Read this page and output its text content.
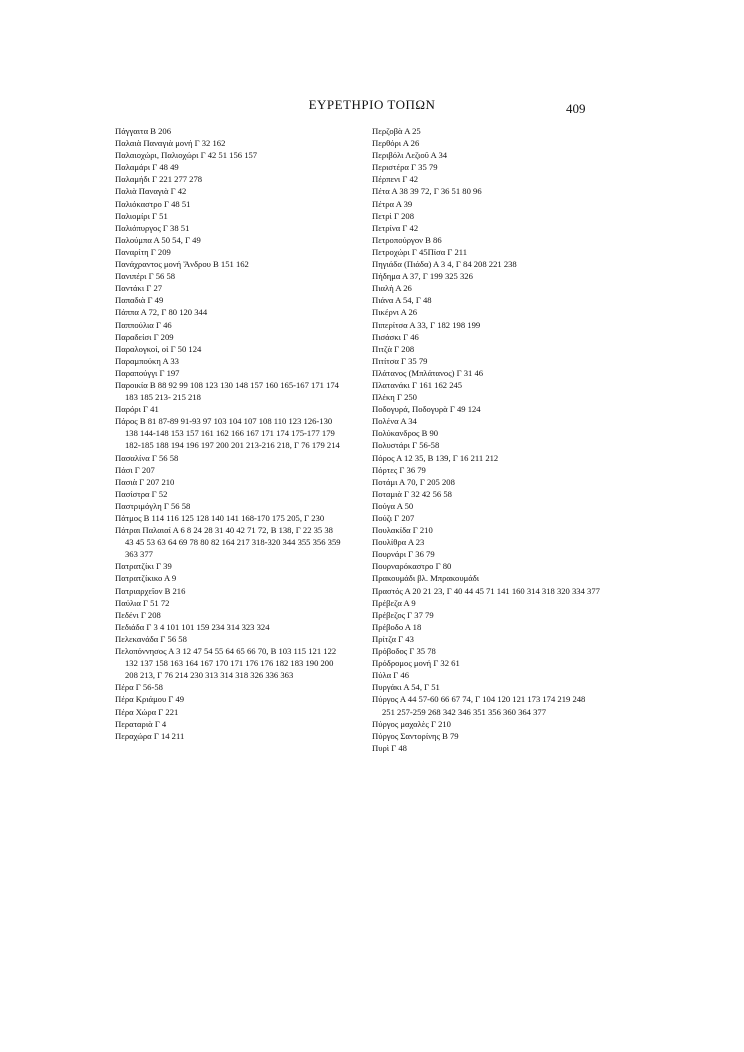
ΕΥΡΕΤΗΡΙΟ ΤΟΠΩΝ	409

Πάγγαιτα Β 206

Παλαιὰ Παναγιὰ μονή Γ 32 162

Παλαιοχώρι, Παλιοχώρι Γ 42 51 156 157

Παλαμάρι Γ 48 49

Παλαμήδι Γ 221 277 278

Παλιὰ Παναγιὰ Γ 42

Παλιόκαστρο Γ 48 51

Παλιομίρι Γ 51

Παλιόπυργος Γ 38 51

Παλούμπα Α 50 54, Γ 49

Παναρίτη Γ 209

Πανάχραντος μονή Ἄνδρου Β 151 162

Πανιπέρι Γ 56 58

Παντάκι Γ 27

Παπαδιὰ Γ 49

Πάππα Α 72, Γ 80 120 344

Παππούλια Γ 46

Παραδείσι Γ 209

Παραλογκοί, οἱ Γ 50 124

Παραμπούκη Α 33

Παραπούγγι Γ 197

Παροικία Β 88 92 99 108 123 130 148 157 160 165-167 171 174 183 185 213- 215 218

Παρόρι Γ 41

Πάρος Β 81 87-89 91-93 97 103 104 107 108 110 123 126-130 138 144-148 153 157 161 162 166 167 171 174 175-177 179 182-185 188 194 196 197 200 201 213-216 218, Γ 76 179 214

Πασαλίνα Γ 56 58

Πάσι Γ 207

Πασιὰ Γ 207 210

Πασίστρα Γ 52

Παστριμόγλη Γ 56 58

Πάτμος Β 114 116 125 128 140 141 168-170 175 205, Γ 230

Πάτραι Παλαιαί Α 6 8 24 28 31 40 42 71 72, Β 138, Γ 22 35 38 43 45 53 63 64 69 78 80 82 164 217 318-320 344 355 356 359 363 377

Πατρατζίκι Γ 39

Πατρατζίκικο Α 9

Πατριαρχεῖον Β 216

Παύλια Γ 51 72

Πεδένι Γ 208

Πεδιάδα Γ 3 4 101 101 159 234 314 323 324

Πελεκανάδα Γ 56 58

Πελοπόννησος Α 3 12 47 54 55 64 65 66 70, Β 103 115 121 122 132 137 158 163 164 167 170 171 176 176 182 183 190 200 208 213, Γ 76 214 230 313 314 318 326 336 363

Πέρα Γ 56-58

Πέρα Κριάμου Γ 49

Πέρα Χώρα Γ 221

Περαταριὰ Γ 4

Περαχώρα Γ 14 211

Περζοβὰ Α 25

Περθόρι Α 26

Περιβόλι Λεζιοῦ Α 34

Περιστέρα Γ 35 79

Πέρπενι Γ 42

Πέτα Α 38 39 72, Γ 36 51 80 96

Πέτρα Α 39

Πετρὶ Γ 208

Πετρίνα Γ 42

Πετροπούργον Β 86

Πετροχώρι Γ 45Πίσα Γ 211

Πηγιάδα (Πιάδα) Α 3 4, Γ 84 208 221 238

Πήδημα Α 37, Γ 199 325 326

Πιαλὴ Α 26

Πιάνα Α 54, Γ 48

Πικέρνι Α 26

Πιπερίτσα Α 33, Γ 182 198 199

Πισάσκι Γ 46

Πιτζὰ Γ 208

Πιτίτσα Γ 35 79

Πλάτανος (Μπλάτανος) Γ 31 46

Πλατανάκι Γ 161 162 245

Πλέκη Γ 250

Ποδογυρά, Ποδογυρὰ Γ 49 124

Πολένα Α 34

Πολύκανδρος Β 90

Πολυστάρι Γ 56-58

Πόρος Α 12 35, Β 139, Γ 16 211 212

Πόρτες Γ 36 79

Ποτάμι Α 70, Γ 205 208

Ποταμιὰ Γ 32 42 56 58

Πούγα Α 50

Πούζι Γ 207

Πουλακίδα Γ 210

Πουλίθρα Α 23

Πουρνάρι Γ 36 79

Πουρναρόκαστρο Γ 80

Πρακουμάδι βλ. Μπρακουμάδι

Πραστός Α 20 21 23, Γ 40 44 45 71 141 160 314 318 320 334 377

Πρέβεζα Α 9

Πρέβεζος Γ 37 79

Πρέβοδο Α 18

Πρίτζα Γ 43

Πρόβοδος Γ 35 78

Πρόδρομος μονή Γ 32 61

Πύλα Γ 46

Πυργάκι Α 54, Γ 51

Πύργος Α 44 57-60 66 67 74, Γ 104 120 121 173 174 219 248 251 257-259 268 342 346 351 356 360 364 377

Πύργος μαχαλὲς Γ 210

Πύργος Σαντορίνης Β 79

Πυρὶ Γ 48
